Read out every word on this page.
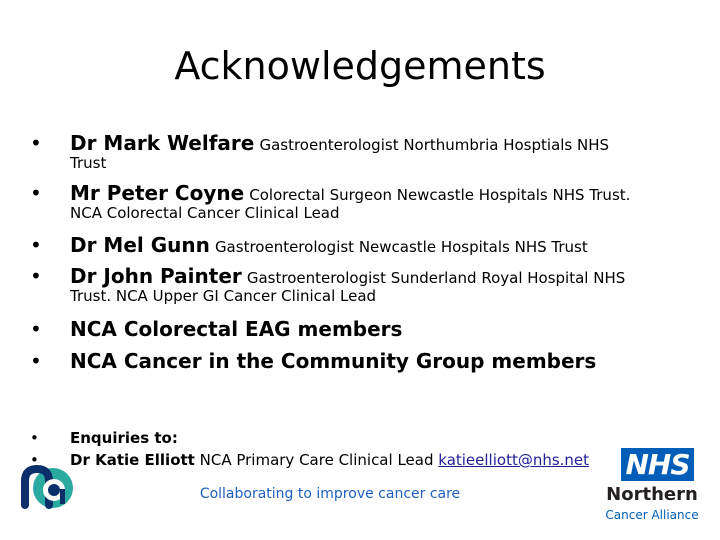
Acknowledgements
• Dr Mark Welfare Gastroenterologist Northumbria Hosptials NHS
Trust
• Mr Peter Coyne Colorectal Surgeon Newcastle Hospitals NHS Trust.
NCA Colorectal Cancer Clinical Lead
• Dr Mel Gunn Gastroenterologist Newcastle Hospitals NHS Trust
• Dr John Painter Gastroenterologist Sunderland Royal Hospital NHS
Trust. NCA Upper GI Cancer Clinical Lead
• NCA Colorectal EAG members
• NCA Cancer in the Community Group members
• Enquiries to:
• Dr Katie Elliott NCA Primary Care Clinical Lead katieelliott@nhs.net
Collaborating to improve cancer care
NHS
Northern
Cancer Alliance
